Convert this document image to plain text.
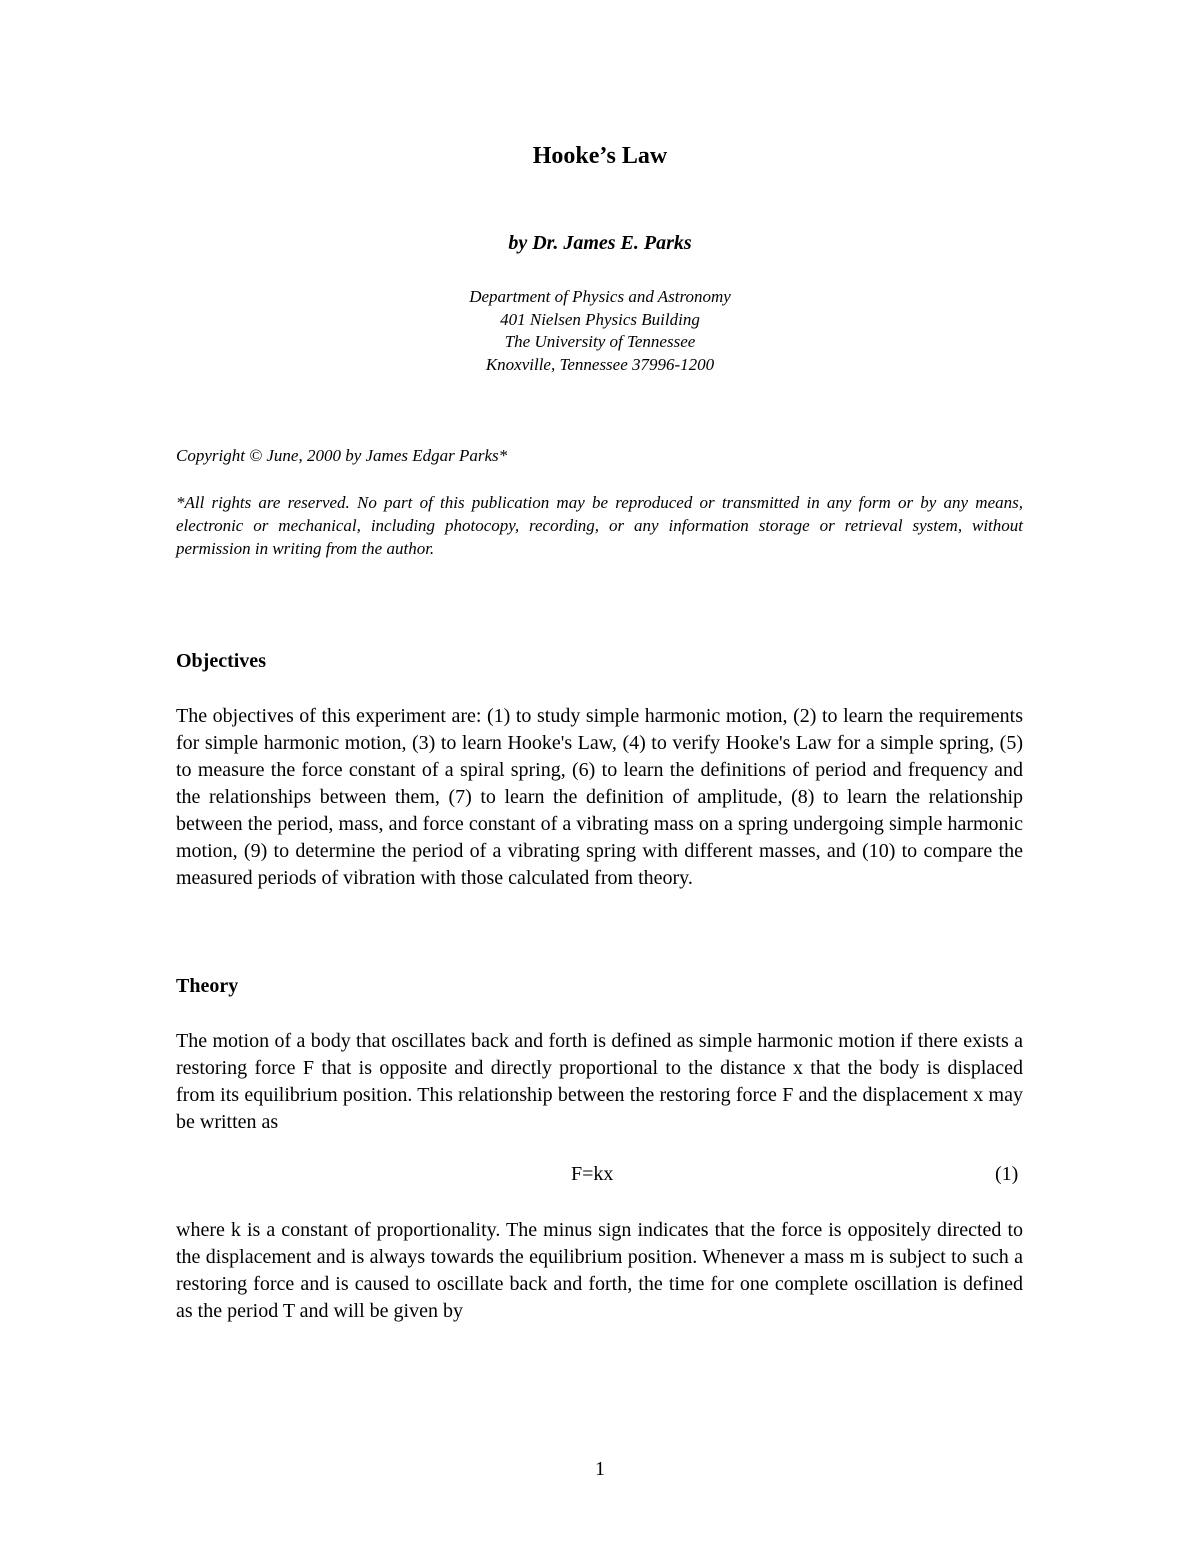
Hooke’s Law
by Dr. James E. Parks
Department of Physics and Astronomy
401 Nielsen Physics Building
The University of Tennessee
Knoxville, Tennessee 37996-1200
Copyright © June, 2000 by James Edgar Parks*
*All rights are reserved. No part of this publication may be reproduced or transmitted in any form or by any means, electronic or mechanical, including photocopy, recording, or any information storage or retrieval system, without permission in writing from the author.
Objectives
The objectives of this experiment are: (1) to study simple harmonic motion, (2) to learn the requirements for simple harmonic motion, (3) to learn Hooke's Law, (4) to verify Hooke's Law for a simple spring, (5) to measure the force constant of a spiral spring, (6) to learn the definitions of period and frequency and the relationships between them, (7) to learn the definition of amplitude, (8) to learn the relationship between the period, mass, and force constant of a vibrating mass on a spring undergoing simple harmonic motion, (9) to determine the period of a vibrating spring with different masses, and (10) to compare the measured periods of vibration with those calculated from theory.
Theory
The motion of a body that oscillates back and forth is defined as simple harmonic motion if there exists a restoring force F that is opposite and directly proportional to the distance x that the body is displaced from its equilibrium position. This relationship between the restoring force F and the displacement x may be written as
F=kx	(1)
where k is a constant of proportionality. The minus sign indicates that the force is oppositely directed to the displacement and is always towards the equilibrium position. Whenever a mass m is subject to such a restoring force and is caused to oscillate back and forth, the time for one complete oscillation is defined as the period T and will be given by
1
